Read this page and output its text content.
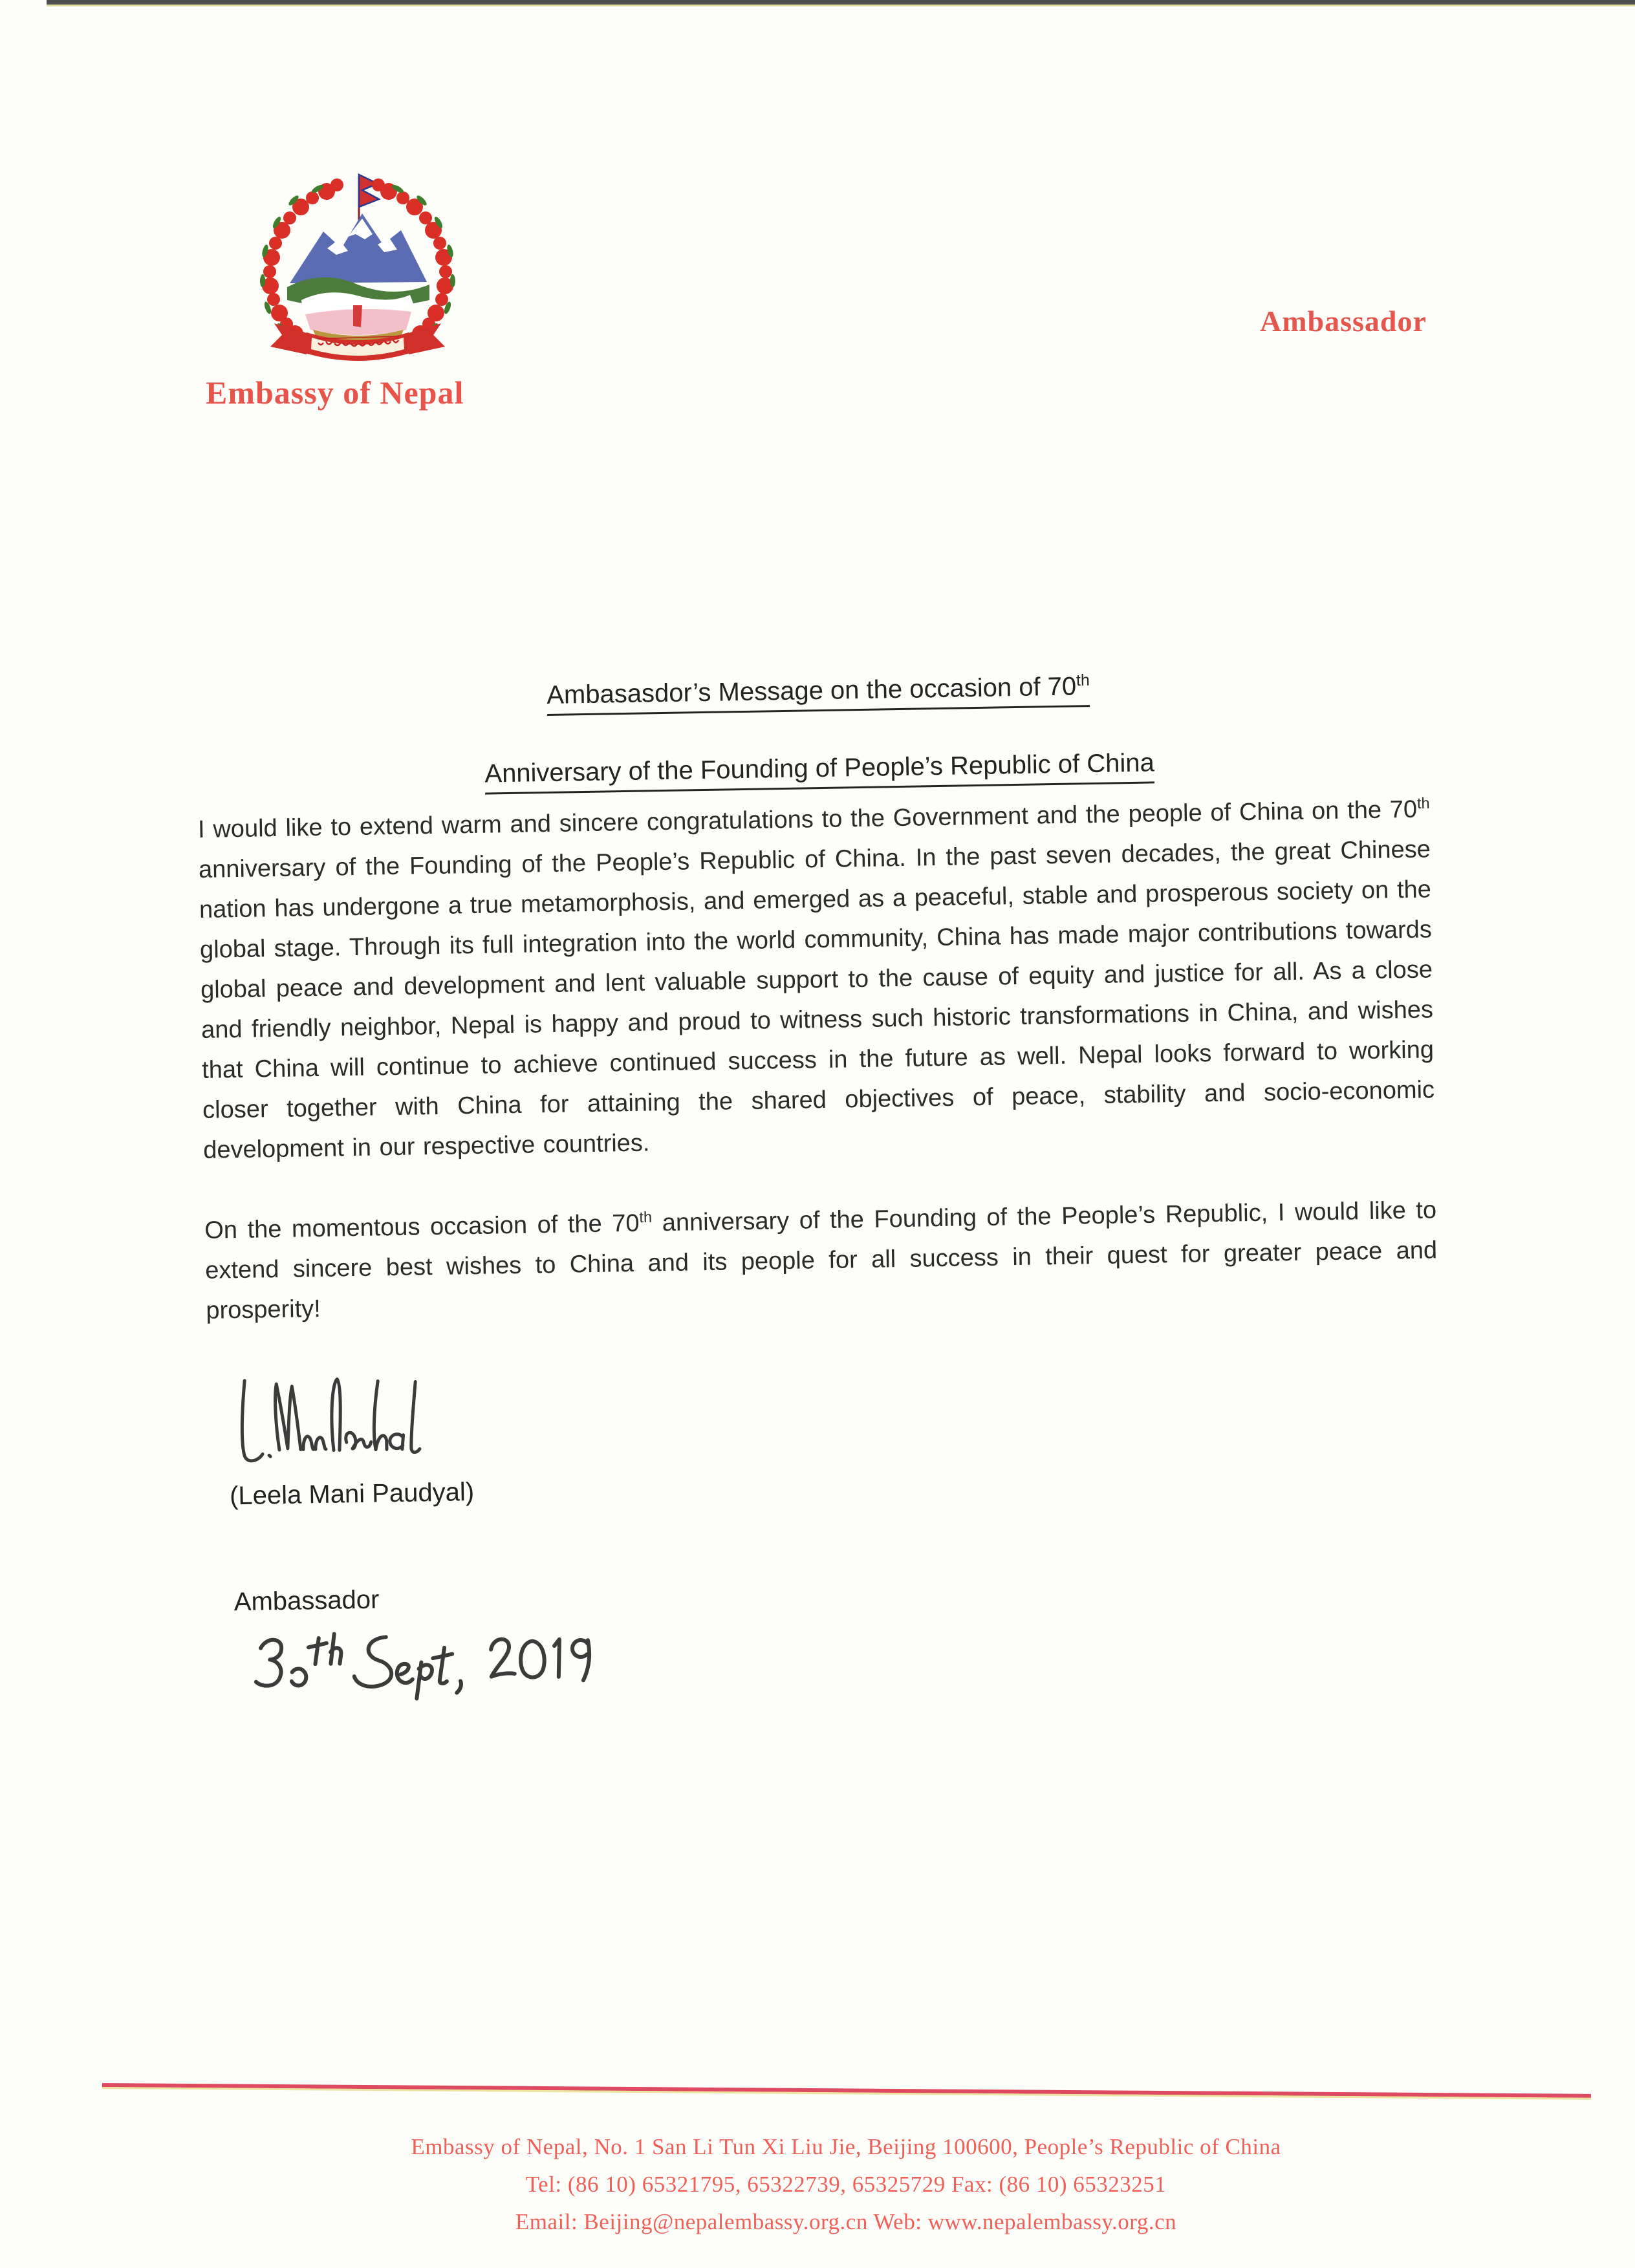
Embassy of Nepal
Ambassador
Ambasasdor’s Message on the occasion of 70th
Anniversary of the Founding of People’s Republic of China
I would like to extend warm and sincere congratulations to the Government and the people of China on the 70th anniversary of the Founding of the People’s Republic of China. In the past seven decades, the great Chinese nation has undergone a true metamorphosis, and emerged as a peaceful, stable and prosperous society on the global stage. Through its full integration into the world community, China has made major contributions towards global peace and development and lent valuable support to the cause of equity and justice for all. As a close and friendly neighbor, Nepal is happy and proud to witness such historic transformations in China, and wishes that China will continue to achieve continued success in the future as well. Nepal looks forward to working closer together with China for attaining the shared objectives of peace, stability and socio-economic development in our respective countries.
On the momentous occasion of the 70th anniversary of the Founding of the People’s Republic, I would like to extend sincere best wishes to China and its people for all success in their quest for greater peace and prosperity!
(Leela Mani Paudyal)
Ambassador
Embassy of Nepal, No. 1 San Li Tun Xi Liu Jie, Beijing 100600, People’s Republic of China
Tel: (86 10) 65321795, 65322739, 65325729 Fax: (86 10) 65323251
Email: Beijing@nepalembassy.org.cn Web: www.nepalembassy.org.cn
